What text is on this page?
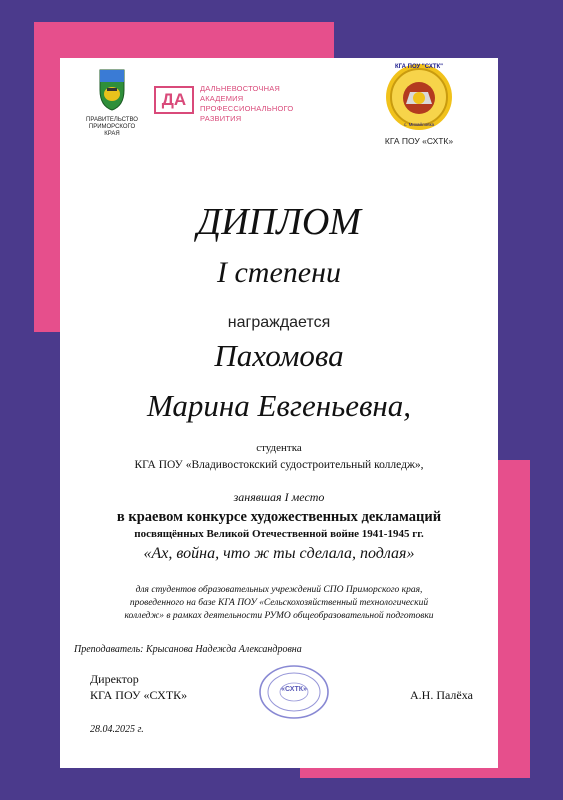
ПРАВИТЕЛЬСТВО
ПРИМОРСКОГО КРАЯ
ДА
ДАЛЬНЕВОСТОЧНАЯ
АКАДЕМИЯ
ПРОФЕССИОНАЛЬНОГО
РАЗВИТИЯ
КГА ПОУ "СХТК"
с. Михайловка
КГА ПОУ «СХТК»
ДИПЛОМ
I степени
награждается
Пахомова
Марина Евгеньевна,
студентка
КГА ПОУ «Владивостокский судостроительный колледж»,
занявшая I место
в краевом конкурсе художественных декламаций
посвящённых Великой Отечественной войне 1941-1945 гг.
«Ах, война, что ж ты сделала, подлая»
для студентов образовательных учреждений СПО Приморского края,
проведенного на базе КГА ПОУ «Сельскохозяйственный технологический
колледж» в рамках деятельности РУМО общеобразовательной подготовки
Преподаватель: Крысанова Надежда Александровна
Директор
КГА ПОУ «СХТК»	«СХТК»	А.Н. Палёха
28.04.2025 г.
